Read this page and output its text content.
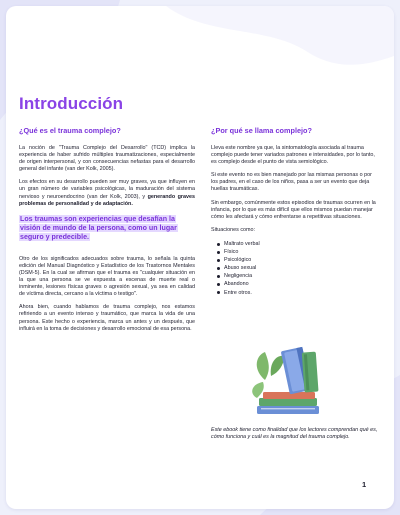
Introducción
¿Qué es el trauma complejo?

La noción de "Trauma Complejo del Desarrollo" (TCD) implica la experiencia de haber sufrido múltiples traumatizaciones, especialmente de origen interpersonal, y con consecuencias nefastas para el desarrollo general del infante (van der Kolk, 2005).

Los efectos en su desarrollo pueden ser muy graves, ya que influyen en un gran número de variables psicológicas, la maduración del sistema nervioso y neuroendocrino (van der Kolk, 2003), y generando graves problemas de personalidad y de adaptación.

Los traumas son experiencias que desafían la visión de mundo de la persona, como un lugar seguro y predecible.

Otro de los significados adecuados sobre trauma, lo señala la quinta edición del Manual Diagnóstico y Estadístico de los Trastornos Mentales (DSM-5). En la cual se afirman que el trauma es "cualquier situación en la que una persona se ve expuesta a escenas de muerte real o inminente, lesiones físicas graves o agresión sexual, ya sea en calidad de víctima directa, cercano a la víctima o testigo".

Ahora bien, cuando hablamos de trauma complejo, nos estamos refiriendo a un evento intenso y traumático, que marca la vida de una persona. Este hecho o experiencia, marca un antes y un después, que influirá en la toma de decisiones y desarrollo emocional de esa persona.

¿Por qué se llama complejo?

Lleva este nombre ya que, la sintomatología asociada al trauma complejo puede tener variados patrones e intensidades, por lo tanto, es complejo desde el punto de vista semiológico.

Si este evento no es bien manejado por las mismas personas o por los padres, en el caso de los niños, pasa a ser un evento que deja huellas traumáticas.

Sin embargo, comúnmente estos episodios de traumas ocurren en la infancia, por lo que es más difícil que ellos mismos puedan manejar cómo les afectará y cómo enfrentarse a repetitivas situaciones.

Situaciones como:

Maltrato verbal
Físico
Psicológico
Abuso sexual
Negligencia
Abandono
Entre otros.

Este ebook tiene como finalidad que los lectores comprendan qué es, cómo funciona y cuál es la magnitud del trauma complejo.

1
